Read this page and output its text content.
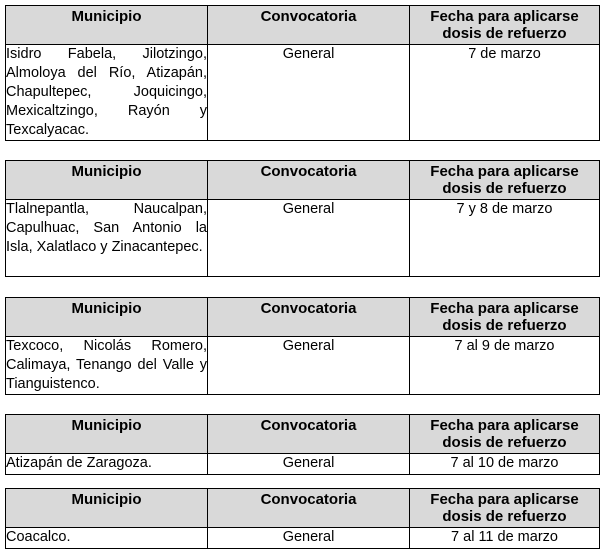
Municipio	Convocatoria	Fecha para aplicarse dosis de refuerzo
Isidro Fabela, Jilotzingo, Almoloya del Río, Atizapán, Chapultepec, Joquicingo, Mexicaltzingo, Rayón y Texcalyacac.	General	7 de marzo
Municipio	Convocatoria	Fecha para aplicarse dosis de refuerzo
Tlalnepantla, Naucalpan, Capulhuac, San Antonio la Isla, Xalatlaco y Zinacantepec.	General	7 y 8 de marzo
Municipio	Convocatoria	Fecha para aplicarse dosis de refuerzo
Texcoco, Nicolás Romero, Calimaya, Tenango del Valle y Tianguistenco.	General	7 al 9 de marzo
Municipio	Convocatoria	Fecha para aplicarse dosis de refuerzo
Atizapán de Zaragoza.	General	7 al 10 de marzo
Municipio	Convocatoria	Fecha para aplicarse dosis de refuerzo
Coacalco.	General	7 al 11 de marzo
